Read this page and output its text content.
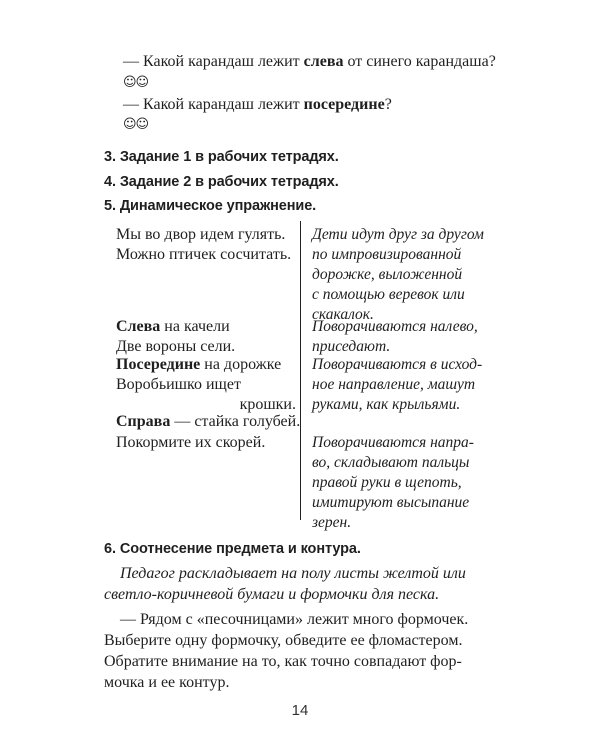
— Какой карандаш лежит слева от синего карандаша?
☺☺
— Какой карандаш лежит посередине?
☺☺
3. Задание 1 в рабочих тетрадях.
4. Задание 2 в рабочих тетрадях.
5. Динамическое упражнение.
Мы во двор идем гулять.
Можно птичек сосчитать.
Дети идут друг за другом
по импровизированной
дорожке, выложенной
с помощью веревок или
скакалок.
Слева на качели
Две вороны сели.
Поворачиваются налево,
приседают.
Посередине на дорожке
Воробьишко ищет
крошки.
Поворачиваются в исход-
ное направление, машут
руками, как крыльями.
Справа — стайка голубей.
Покормите их скорей.	Поворачиваются напра-
во, складывают пальцы
правой руки в щепоть,
имитируют высыпание
зерен.
6. Соотнесение предмета и контура.
Педагог раскладывает на полу листы желтой или
светло-коричневой бумаги и формочки для песка.
— Рядом с «песочницами» лежит много формочек.
Выберите одну формочку, обведите ее фломастером.
Обратите внимание на то, как точно совпадают фор-
мочка и ее контур.
14
